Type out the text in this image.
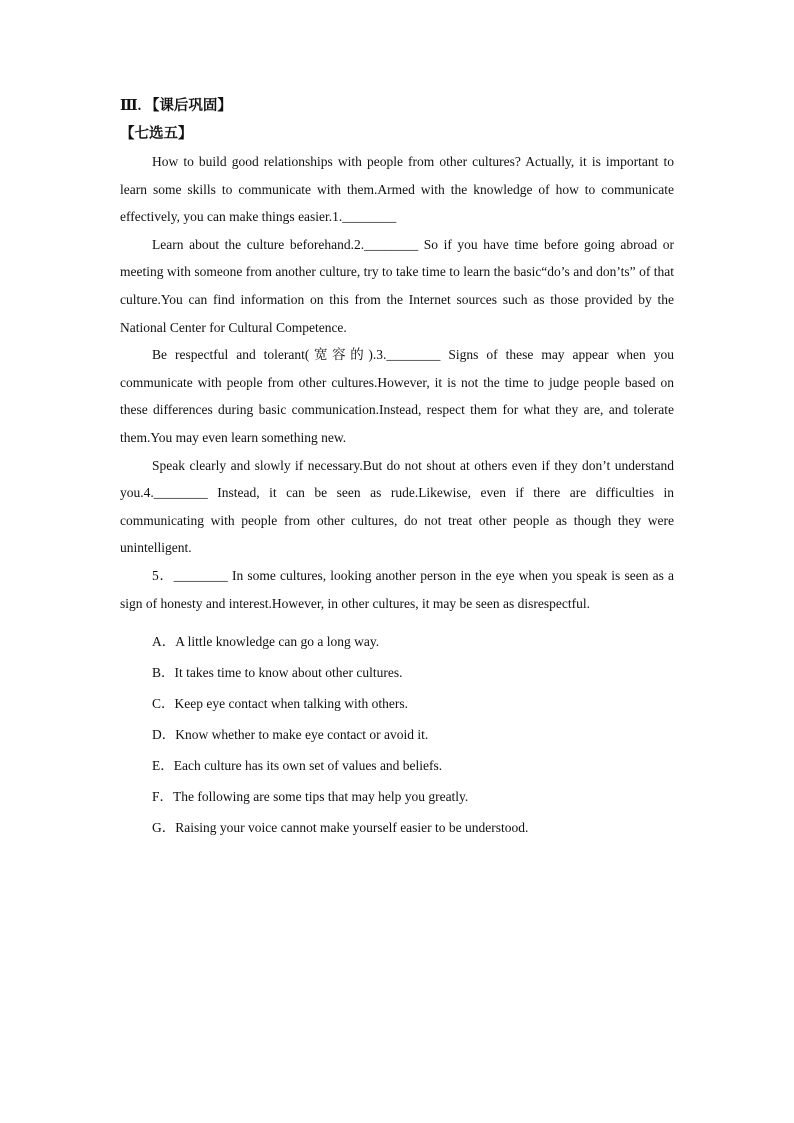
Ⅲ. 【课后巩固】

【七选五】

How to build good relationships with people from other cultures? Actually, it is important to learn some skills to communicate with them.Armed with the knowledge of how to communicate effectively, you can make things easier.1.________

Learn about the culture beforehand.2.________ So if you have time before going abroad or meeting with someone from another culture, try to take time to learn the basic“do’s and don’ts” of that culture.You can find information on this from the Internet sources such as those provided by the National Center for Cultural Competence.

Be respectful and tolerant(宽容的).3.________ Signs of these may appear when you communicate with people from other cultures.However, it is not the time to judge people based on these differences during basic communication.Instead, respect them for what they are, and tolerate them.You may even learn something new.

Speak clearly and slowly if necessary.But do not shout at others even if they don’t understand you.4.________ Instead, it can be seen as rude.Likewise, even if there are difficulties in communicating with people from other cultures, do not treat other people as though they were unintelligent.

5．________ In some cultures, looking another person in the eye when you speak is seen as a sign of honesty and interest.However, in other cultures, it may be seen as disrespectful.

A．A little knowledge can go a long way.

B．It takes time to know about other cultures.

C．Keep eye contact when talking with others.

D．Know whether to make eye contact or avoid it.

E．Each culture has its own set of values and beliefs.

F．The following are some tips that may help you greatly.

G．Raising your voice cannot make yourself easier to be understood.
